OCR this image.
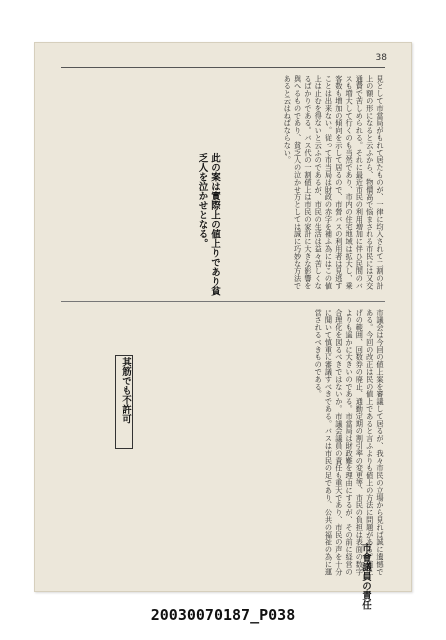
38
見として市當局がもれて居たものが、一律に均入されて二割の計上の額の形になると云ふから、物價高で悩まされる市民には又交通費で苦しめられる。それに最近市民の利用増加に伴ひ民間のバスも増大して行くのも当然であり、市内の住宅地域は拡大し、乗客数も増加の傾向を示して居るので、市營バスの利用者は見逃すことは出来ない。従って市当局は財政の赤字を補ふ為にはこの値上は止むを得ないと云ふのであるが、市民の生活は益々苦しくなるばかりである。バス代の一割値上は市民の家計に大きな影響を與へるものであり、貧乏人の泣かせ方としては誠に巧妙な方法であると云はねばならない。
市議会は今回の値上案を審議して居るが、我々市民の立場から見れば誠に遺憾である。今回の改正は民の値上であると言ふよりも値上の方法に問題がある。値上げの範囲、回数券の廃止、通勤定期の割引率の変更等、市民の負担は表面の数字よりも遥かに大きいのである。市當局は財政難を理由にするが、その前に経営の合理化を図るべきではないか。市議会議員の責任も重大であり、市民の声を十分に聞いて慎重に審議すべきである。バスは市民の足であり、公共の福祉の為に運営されるべきものである。
此の案は實際上の値上りであり貧乏人を泣かせとなる。
其筋でも不許可
市會議員の責任
20030070187_P038
